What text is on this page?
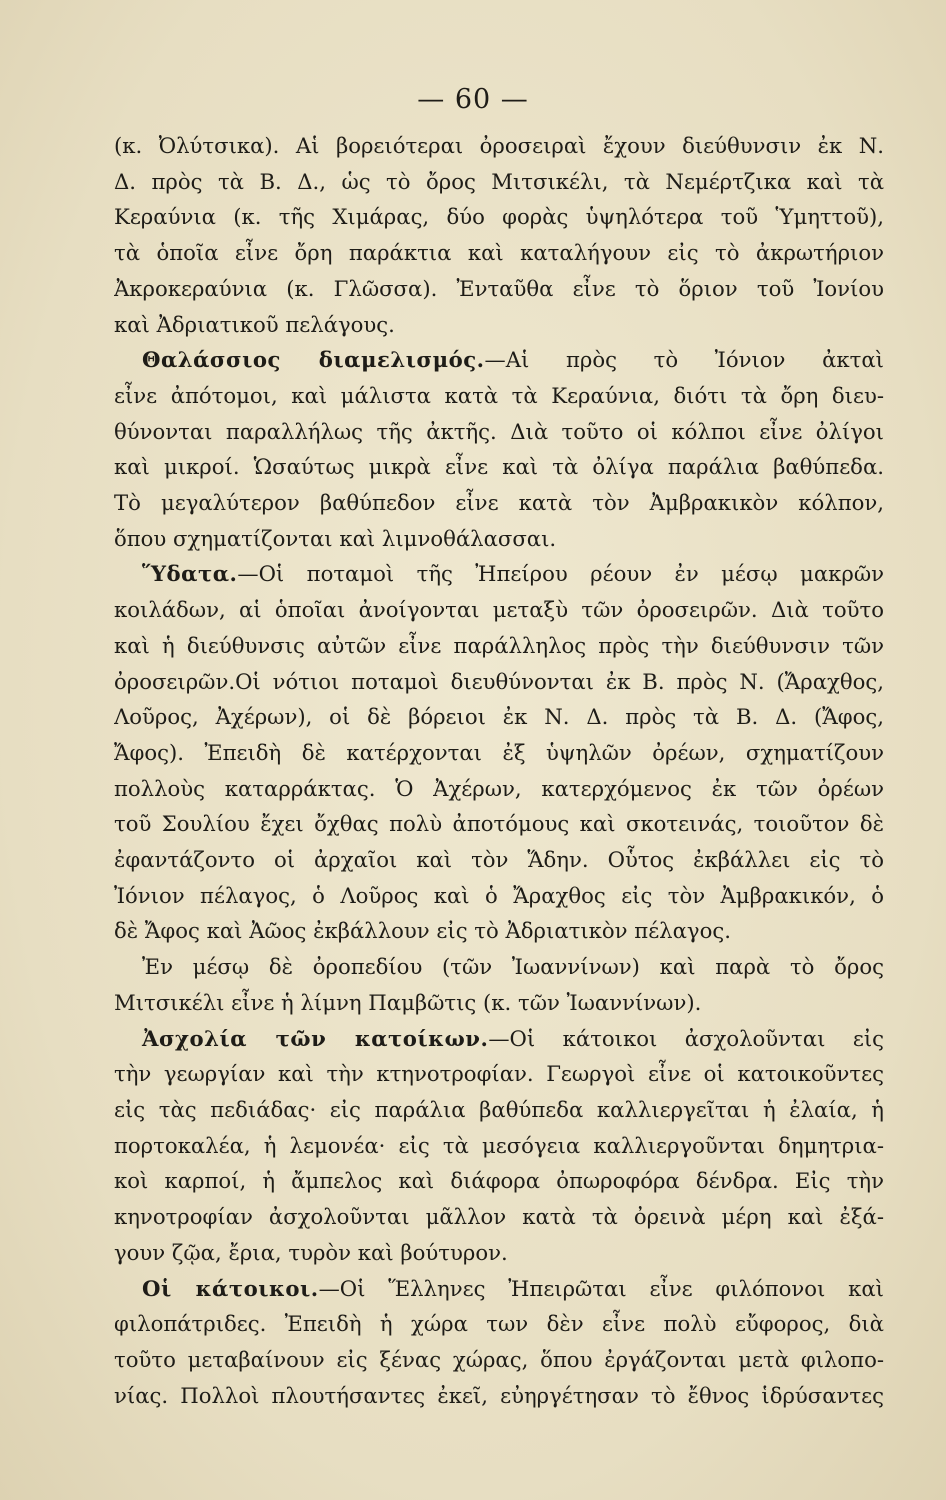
— 60 —
(κ. Ὀλύτσικα). Αἱ βορειότεραι ὀροσειραὶ ἔχουν διεύθυνσιν ἐκ Ν.
Δ. πρὸς τὰ Β. Δ., ὡς τὸ ὄρος Μιτσικέλι, τὰ Νεμέρτζικα καὶ τὰ
Κεραύνια (κ. τῆς Χιμάρας, δύο φορὰς ὑψηλότερα τοῦ Ὑμηττοῦ),
τὰ ὁποῖα εἶνε ὄρη παράκτια καὶ καταλήγουν εἰς τὸ ἀκρωτήριον
Ἀκροκεραύνια (κ. Γλῶσσα). Ἐνταῦθα εἶνε τὸ ὅριον τοῦ Ἰονίου
καὶ Ἀδριατικοῦ πελάγους.
Θαλάσσιος διαμελισμός.—Αἱ πρὸς τὸ Ἰόνιον ἀκταὶ
εἶνε ἀπότομοι, καὶ μάλιστα κατὰ τὰ Κεραύνια, διότι τὰ ὄρη διευ-
θύνονται παραλλήλως τῆς ἀκτῆς. Διὰ τοῦτο οἱ κόλποι εἶνε ὀλίγοι
καὶ μικροί. Ὡσαύτως μικρὰ εἶνε καὶ τὰ ὀλίγα παράλια βαθύπεδα.
Τὸ μεγαλύτερον βαθύπεδον εἶνε κατὰ τὸν Ἀμβρακικὸν κόλπον,
ὅπου σχηματίζονται καὶ λιμνοθάλασσαι.
Ὕδατα.—Οἱ ποταμοὶ τῆς Ἠπείρου ρέουν ἐν μέσῳ μακρῶν
κοιλάδων, αἱ ὁποῖαι ἀνοίγονται μεταξὺ τῶν ὀροσειρῶν. Διὰ τοῦτο
καὶ ἡ διεύθυνσις αὐτῶν εἶνε παράλληλος πρὸς τὴν διεύθυνσιν τῶν
ὀροσειρῶν.Οἱ νότιοι ποταμοὶ διευθύνονται ἐκ Β. πρὸς Ν. (Ἄραχθος,
Λοῦρος, Ἀχέρων), οἱ δὲ βόρειοι ἐκ Ν. Δ. πρὸς τὰ Β. Δ. (Ἄφος,
Ἄφος). Ἐπειδὴ δὲ κατέρχονται ἐξ ὑψηλῶν ὀρέων, σχηματίζουν
πολλοὺς καταρράκτας. Ὁ Ἀχέρων, κατερχόμενος ἐκ τῶν ὀρέων
τοῦ Σουλίου ἔχει ὄχθας πολὺ ἀποτόμους καὶ σκοτεινάς, τοιοῦτον δὲ
ἐφαντάζοντο οἱ ἀρχαῖοι καὶ τὸν Ἅδην. Οὗτος ἐκβάλλει εἰς τὸ
Ἰόνιον πέλαγος, ὁ Λοῦρος καὶ ὁ Ἄραχθος εἰς τὸν Ἀμβρακικόν, ὁ
δὲ Ἄφος καὶ Ἀῶος ἐκβάλλουν εἰς τὸ Ἀδριατικὸν πέλαγος.
Ἐν μέσῳ δὲ ὀροπεδίου (τῶν Ἰωαννίνων) καὶ παρὰ τὸ ὄρος
Μιτσικέλι εἶνε ἡ λίμνη Παμβῶτις (κ. τῶν Ἰωαννίνων).
Ἀσχολία τῶν κατοίκων.—Οἱ κάτοικοι ἀσχολοῦνται εἰς
τὴν γεωργίαν καὶ τὴν κτηνοτροφίαν. Γεωργοὶ εἶνε οἱ κατοικοῦντες
εἰς τὰς πεδιάδας· εἰς παράλια βαθύπεδα καλλιεργεῖται ἡ ἐλαία, ἡ
πορτοκαλέα, ἡ λεμονέα· εἰς τὰ μεσόγεια καλλιεργοῦνται δημητρια-
κοὶ καρποί, ἡ ἄμπελος καὶ διάφορα ὀπωροφόρα δένδρα. Εἰς τὴν
κηνοτροφίαν ἀσχολοῦνται μᾶλλον κατὰ τὰ ὀρεινὰ μέρη καὶ ἐξά-
γουν ζῷα, ἔρια, τυρὸν καὶ βούτυρον.
Οἱ κάτοικοι.—Οἱ Ἕλληνες Ἠπειρῶται εἶνε φιλόπονοι καὶ
φιλοπάτριδες. Ἐπειδὴ ἡ χώρα των δὲν εἶνε πολὺ εὔφορος, διὰ
τοῦτο μεταβαίνουν εἰς ξένας χώρας, ὅπου ἐργάζονται μετὰ φιλοπο-
νίας. Πολλοὶ πλουτήσαντες ἐκεῖ, εὐηργέτησαν τὸ ἔθνος ἱδρύσαντες
